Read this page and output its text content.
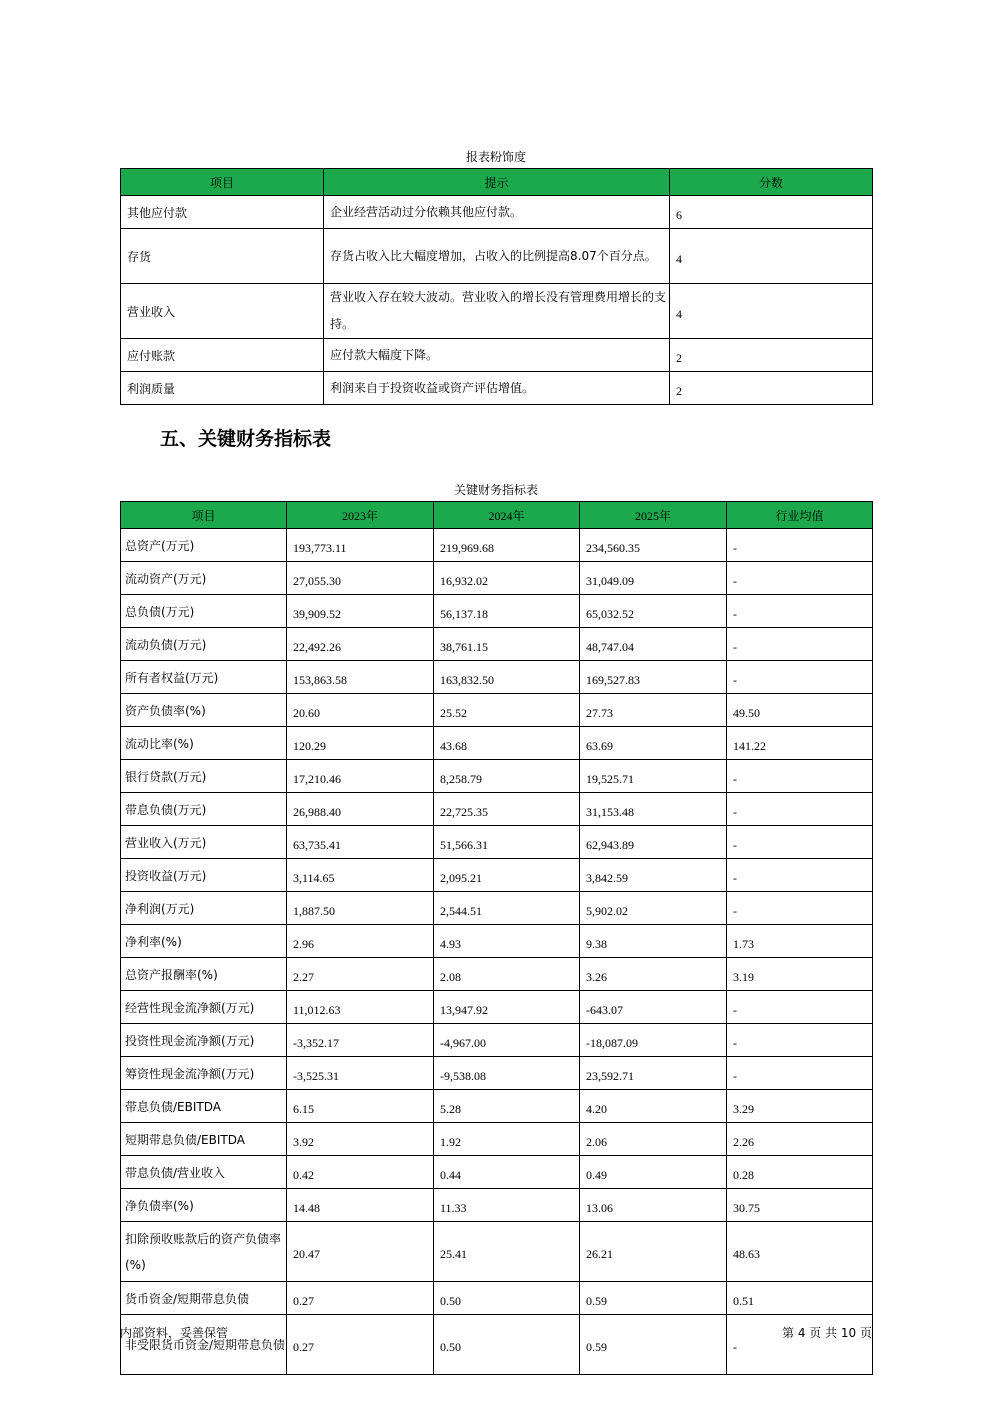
报表粉饰度
项目	提示	分数
其他应付款	企业经营活动过分依赖其他应付款。	6
存货	存货占收入比大幅度增加，占收入的比例提高8.07个百分点。	4
营业收入	营业收入存在较大波动。营业收入的增长没有管理费用增长的支持。	4
应付账款	应付款大幅度下降。	2
利润质量	利润来自于投资收益或资产评估增值。	2
五、关键财务指标表
关键财务指标表
项目	2023年	2024年	2025年	行业均值
总资产(万元)	193,773.11	219,969.68	234,560.35	-
流动资产(万元)	27,055.30	16,932.02	31,049.09	-
总负债(万元)	39,909.52	56,137.18	65,032.52	-
流动负债(万元)	22,492.26	38,761.15	48,747.04	-
所有者权益(万元)	153,863.58	163,832.50	169,527.83	-
资产负债率(%)	20.60	25.52	27.73	49.50
流动比率(%)	120.29	43.68	63.69	141.22
银行贷款(万元)	17,210.46	8,258.79	19,525.71	-
带息负债(万元)	26,988.40	22,725.35	31,153.48	-
营业收入(万元)	63,735.41	51,566.31	62,943.89	-
投资收益(万元)	3,114.65	2,095.21	3,842.59	-
净利润(万元)	1,887.50	2,544.51	5,902.02	-
净利率(%)	2.96	4.93	9.38	1.73
总资产报酬率(%)	2.27	2.08	3.26	3.19
经营性现金流净额(万元)	11,012.63	13,947.92	-643.07	-
投资性现金流净额(万元)	-3,352.17	-4,967.00	-18,087.09	-
筹资性现金流净额(万元)	-3,525.31	-9,538.08	23,592.71	-
带息负债/EBITDA	6.15	5.28	4.20	3.29
短期带息负债/EBITDA	3.92	1.92	2.06	2.26
带息负债/营业收入	0.42	0.44	0.49	0.28
净负债率(%)	14.48	11.33	13.06	30.75
扣除预收账款后的资产负债率(%)	20.47	25.41	26.21	48.63
货币资金/短期带息负债	0.27	0.50	0.59	0.51
非受限货币资金/短期带息负债	0.27	0.50	0.59	-
内部资料，妥善保管	第 4 页 共 10 页
